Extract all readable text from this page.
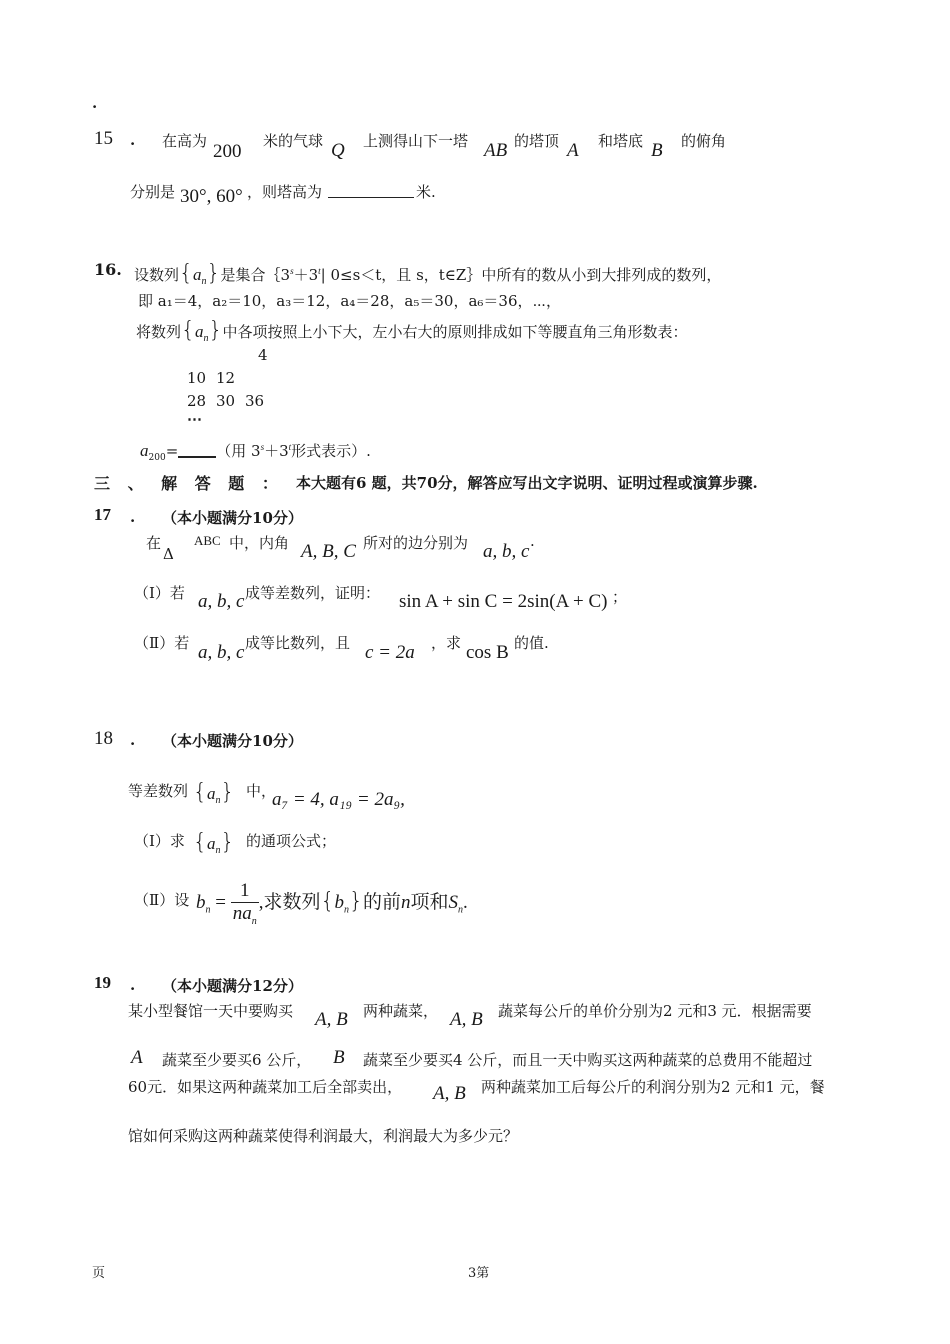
.
15 . 在高为 200 米的气球 Q 上测得山下一塔 AB 的塔顶 A 和塔底 B 的俯角
分别是 30°, 60° ，则塔高为	米.
16. 设数列$\{a_n\}$是集合$\{3^s+3^t|$ 0≤s＜t，且 s，t∈Z｝中所有的数从小到大排列成的数列，
即 a₁＝4，a₂＝10，a₃＝12，a₄＝28，a₅＝30，a₆＝36，⋯，
将数列$\{a_n\}$中各项按照上小下大，左小右大的原则排成如下等腰直角三角形数表：
4
10 12
28 30 36
⋯
$a_{200}=$	（用 $3^s+3^t$形式表示）.
三 、 解 答 题 ： 本大题有6 题，共70分，解答应写出文字说明、证明过程或演算步骤.
17 . （本小题满分10分）
在
Δ
ABC 中，内角 A, B, C 所对的边分别为 a, b, c .
（Ⅰ）若 a, b, c 成等差数列，证明： sin A + sin C = 2sin(A + C) ；
（Ⅱ）若 a, b, c 成等比数列，且 c = 2a ，求 cos B 的值.
18 . （本小题满分10分）
等差数列 $\{a_n\}$ 中，
a₇ = 4, a₁₉ = 2a₉,
（Ⅰ）求 $\{a_n\}$ 的通项公式；
（Ⅱ）设 $b_n = \frac{1}{na_n}$ ,求数列$\{b_n\}$的前n项和$S_n$.
19 . （本小题满分12分）
某小型餐馆一天中要购买 A, B 两种蔬菜， A, B 蔬菜每公斤的单价分别为2 元和3 元．根据需要
A 蔬菜至少要买6 公斤， B 蔬菜至少要买4 公斤，而且一天中购买这两种蔬菜的总费用不能超过
60元．如果这两种蔬菜加工后全部卖出， A, B 两种蔬菜加工后每公斤的利润分别为2 元和1 元，餐
馆如何采购这两种蔬菜使得利润最大，利润最大为多少元？
页	3第
